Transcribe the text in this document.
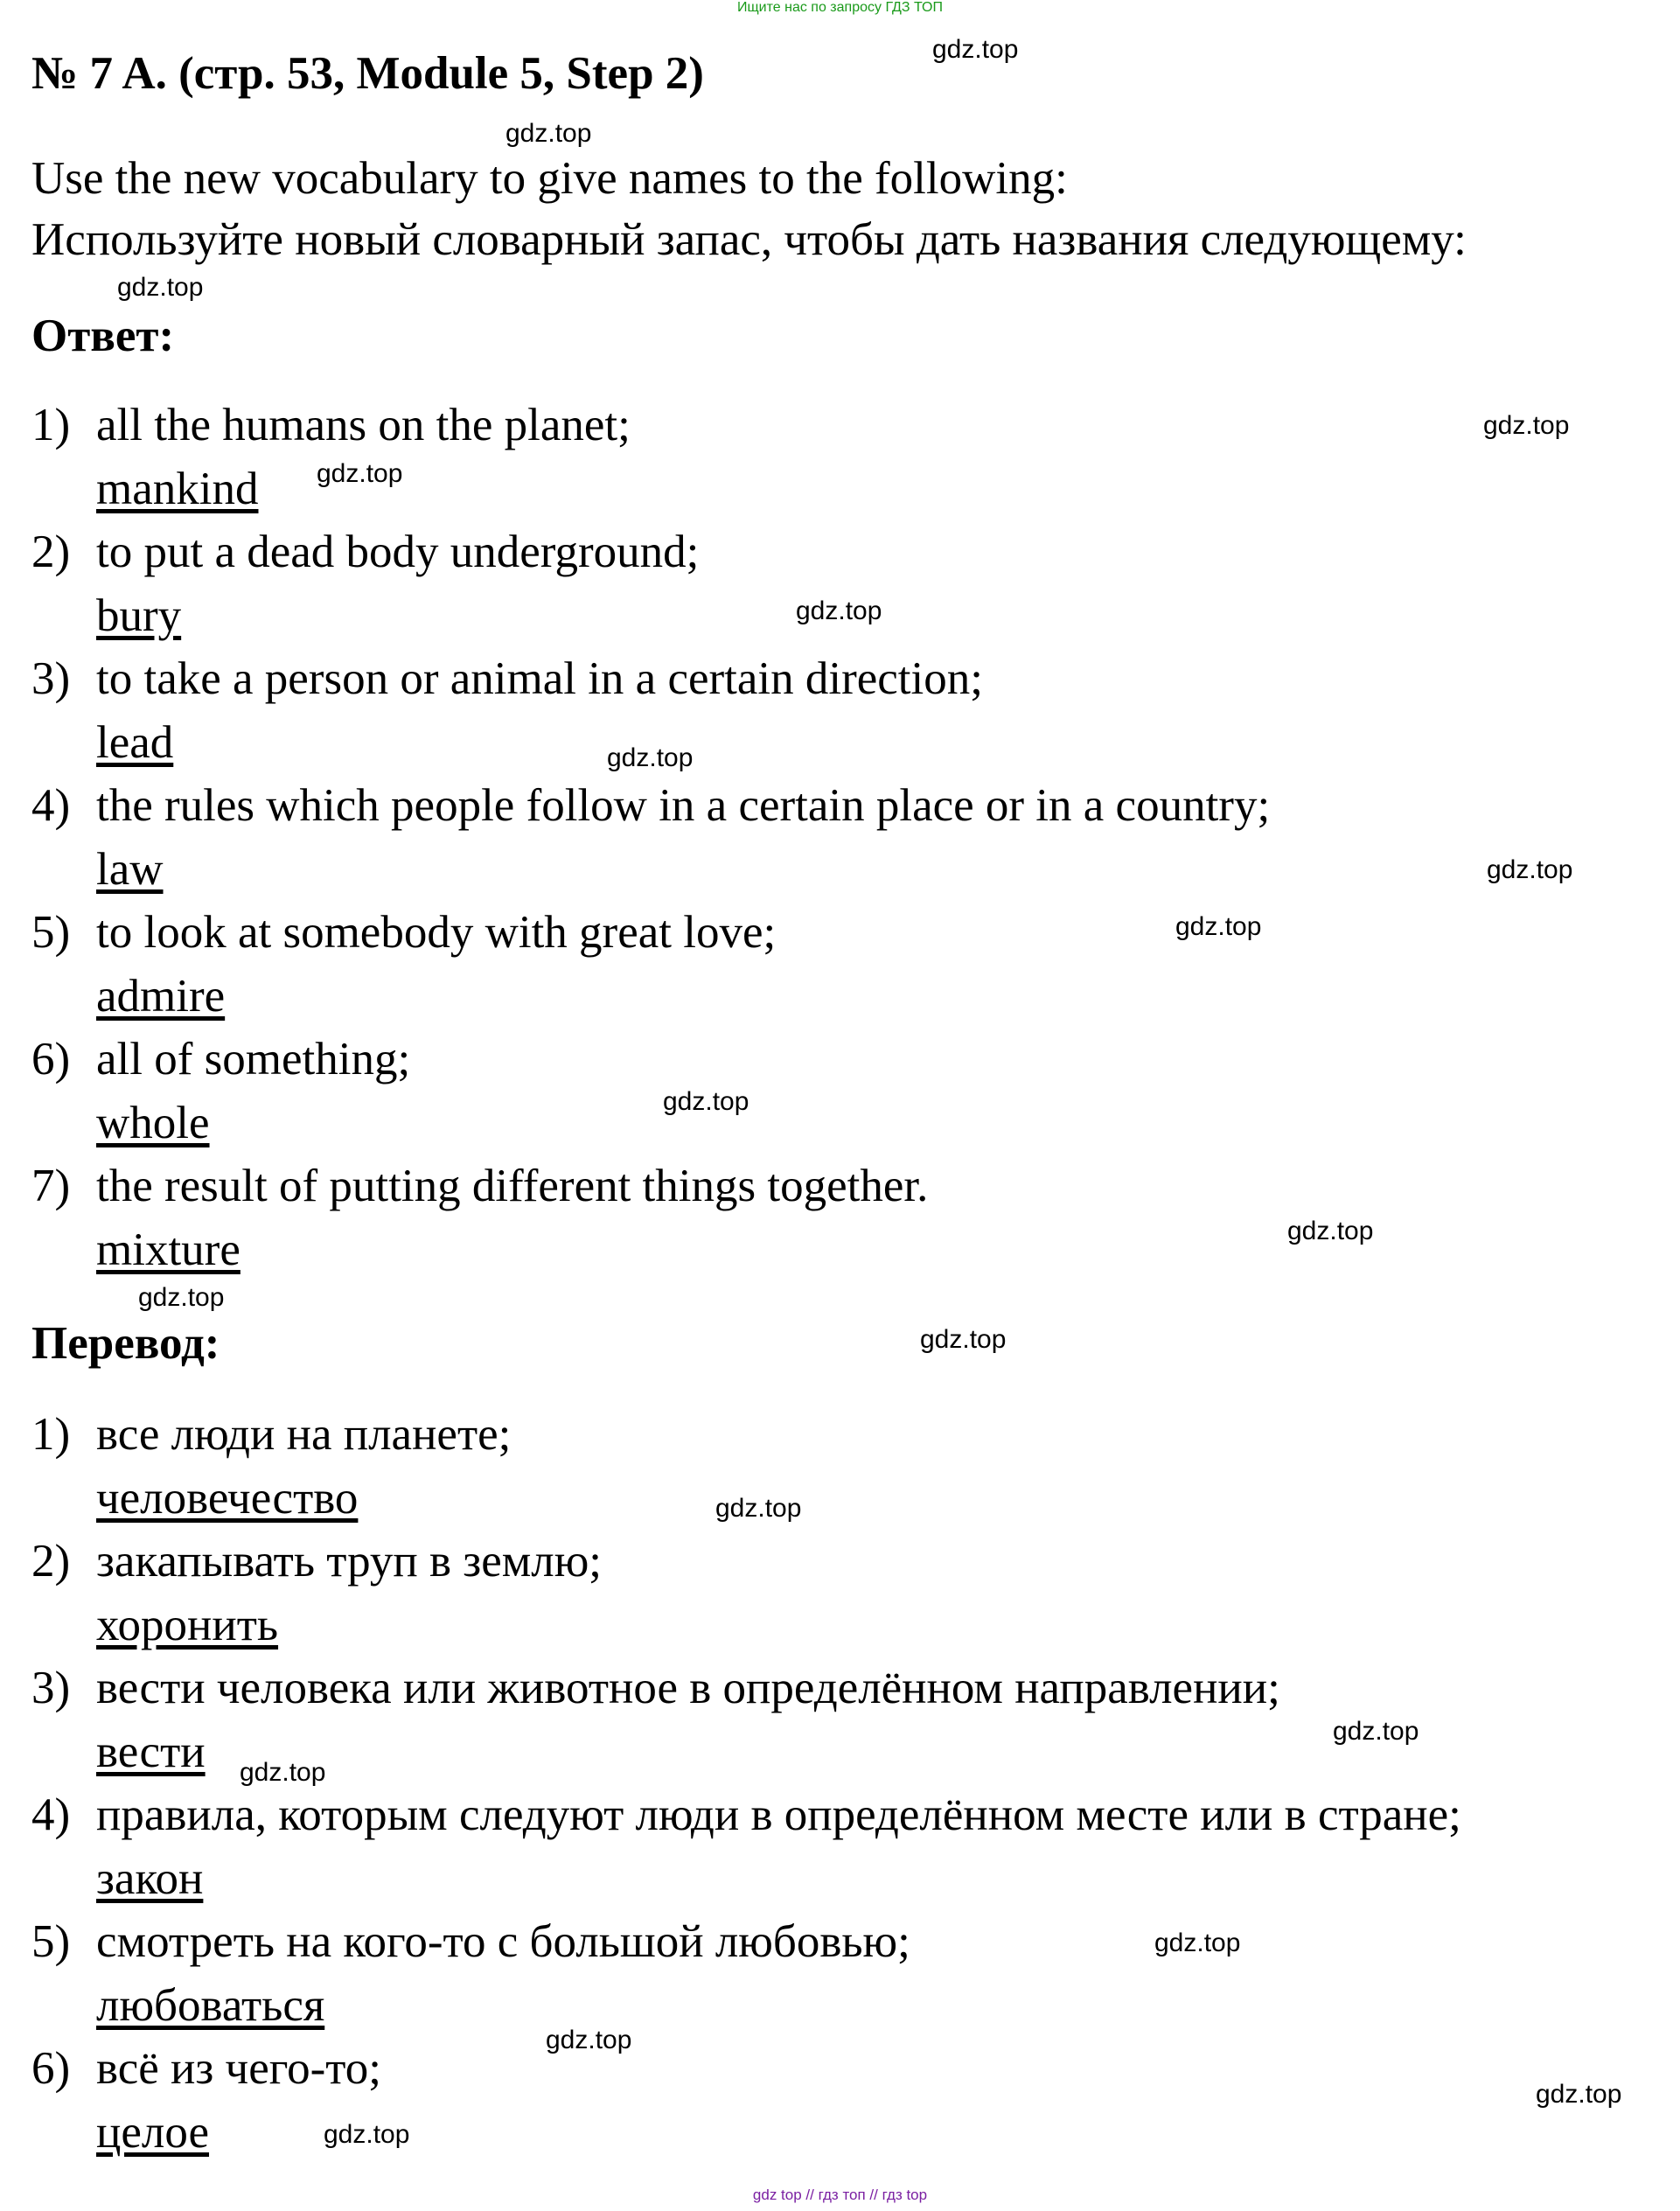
Ищите нас по запросу ГДЗ ТОП
№ 7 A. (стр. 53, Module 5, Step 2)
Use the new vocabulary to give names to the following:
Используйте новый словарный запас, чтобы дать названия следующему:
Ответ:
1) all the humans on the planet;
mankind
2) to put a dead body underground;
bury
3) to take a person or animal in a certain direction;
lead
4) the rules which people follow in a certain place or in a country;
law
5) to look at somebody with great love;
admire
6) all of something;
whole
7) the result of putting different things together.
mixture
Перевод:
1) все люди на планете;
человечество
2) закапывать труп в землю;
хоронить
3) вести человека или животное в определённом направлении;
вести
4) правила, которым следуют люди в определённом месте или в стране;
закон
5) смотреть на кого-то с большой любовью;
любоваться
6) всё из чего-то;
целое
gdz.top
gdz.top
gdz.top
gdz.top
gdz.top
gdz.top
gdz.top
gdz.top
gdz.top
gdz.top
gdz.top
gdz.top
gdz.top
gdz.top
gdz.top
gdz.top
gdz.top
gdz.top
gdz.top
gdz.top
gdz top // гдз топ // гдз top
